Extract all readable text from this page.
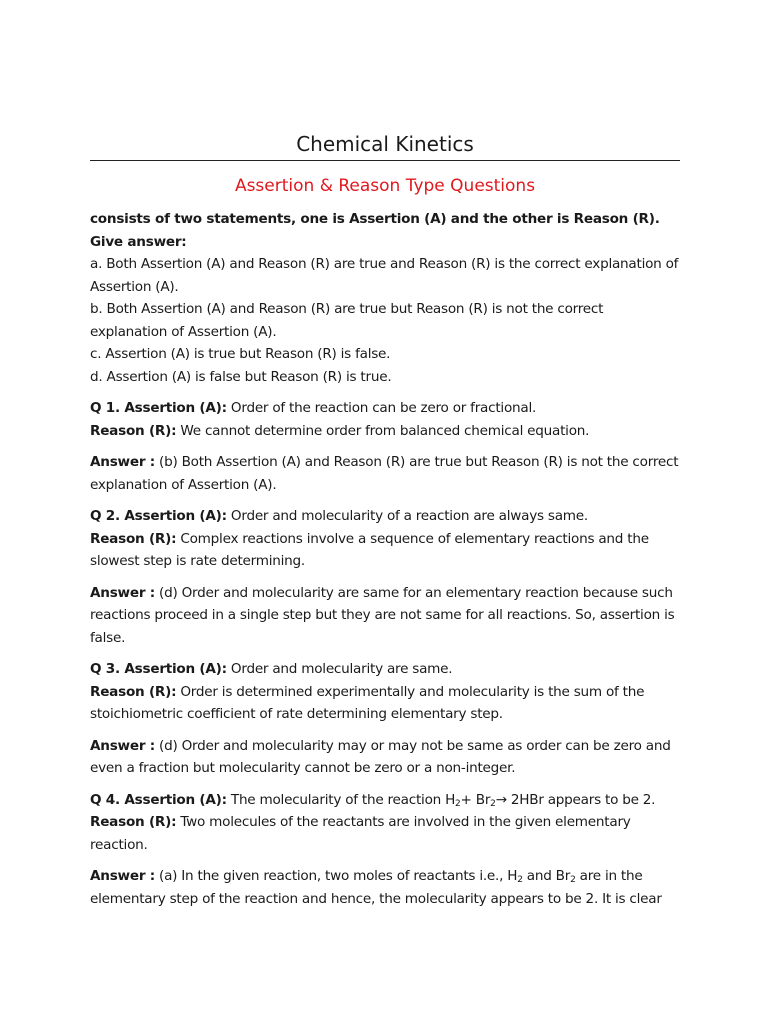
Chemical Kinetics
Assertion & Reason Type Questions

consists of two statements, one is Assertion (A) and the other is Reason (R). Give answer:

a. Both Assertion (A) and Reason (R) are true and Reason (R) is the correct explanation of Assertion (A).

b. Both Assertion (A) and Reason (R) are true but Reason (R) is not the correct explanation of Assertion (A).

c. Assertion (A) is true but Reason (R) is false.

d. Assertion (A) is false but Reason (R) is true.

Q 1. Assertion (A): Order of the reaction can be zero or fractional.

Reason (R): We cannot determine order from balanced chemical equation.

Answer : (b) Both Assertion (A) and Reason (R) are true but Reason (R) is not the correct explanation of Assertion (A).

Q 2. Assertion (A): Order and molecularity of a reaction are always same.

Reason (R): Complex reactions involve a sequence of elementary reactions and the slowest step is rate determining.

Answer : (d) Order and molecularity are same for an elementary reaction because such reactions proceed in a single step but they are not same for all reactions. So, assertion is false.

Q 3. Assertion (A): Order and molecularity are same.

Reason (R): Order is determined experimentally and molecularity is the sum of the stoichiometric coefficient of rate determining elementary step.

Answer : (d) Order and molecularity may or may not be same as order can be zero and even a fraction but molecularity cannot be zero or a non-integer.

Q 4. Assertion (A): The molecularity of the reaction $H_2+ Br_2\to 2HBr$ appears to be 2.

Reason (R): Two molecules of the reactants are involved in the given elementary reaction.

Answer : (a) In the given reaction, two moles of reactants i.e., $H_2$ and $Br_2$ are in the elementary step of the reaction and hence, the molecularity appears to be 2. It is clear
